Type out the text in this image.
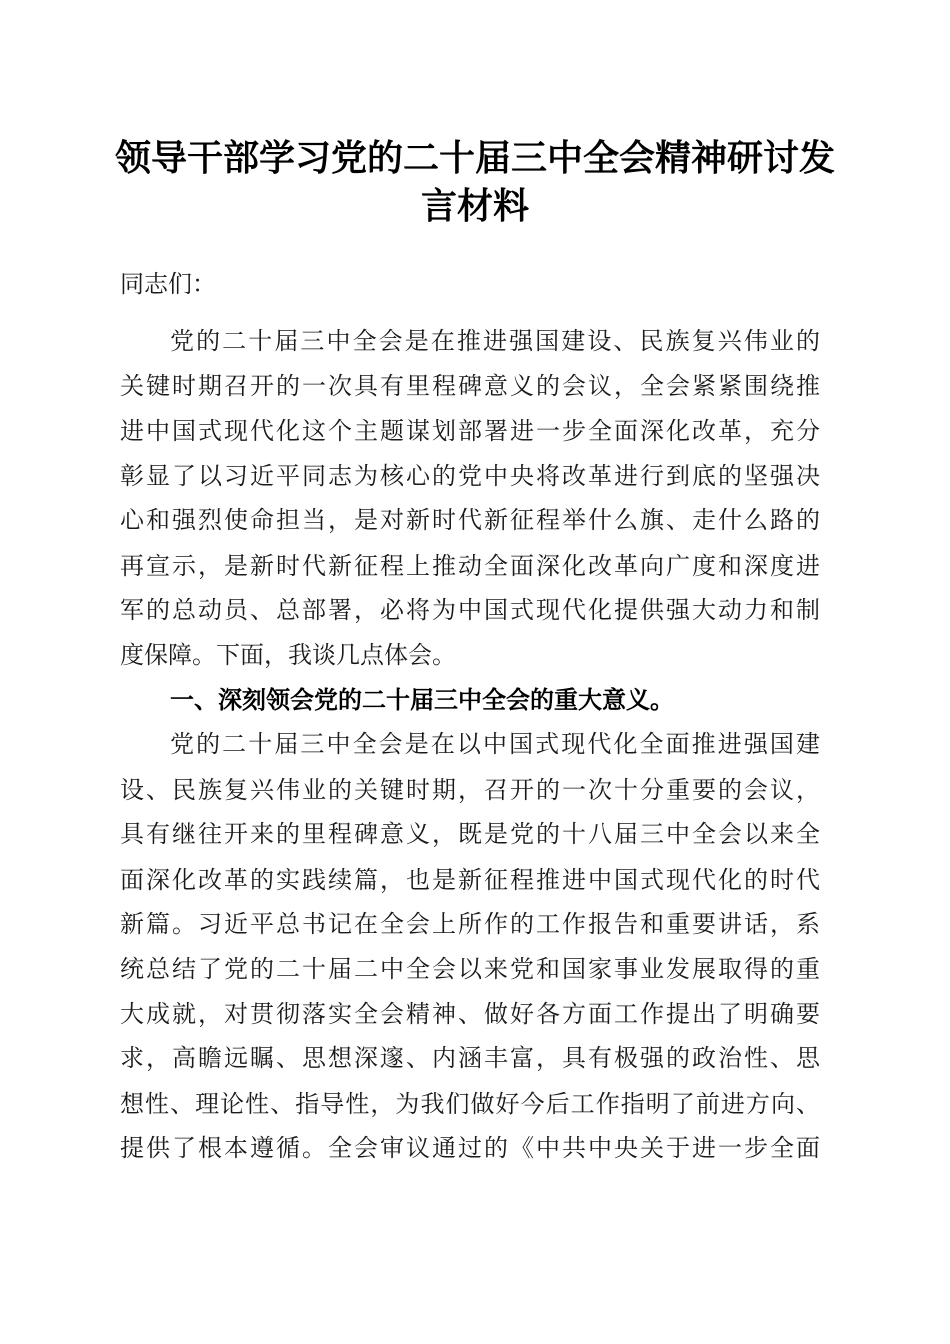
领导干部学习党的二十届三中全会精神研讨发
言材料
同志们：
党的二十届三中全会是在推进强国建设、民族复兴伟业的
关键时期召开的一次具有里程碑意义的会议，全会紧紧围绕推
进中国式现代化这个主题谋划部署进一步全面深化改革，充分
彰显了以习近平同志为核心的党中央将改革进行到底的坚强决
心和强烈使命担当，是对新时代新征程举什么旗、走什么路的
再宣示，是新时代新征程上推动全面深化改革向广度和深度进
军的总动员、总部署，必将为中国式现代化提供强大动力和制
度保障。下面，我谈几点体会。
一、深刻领会党的二十届三中全会的重大意义。
党的二十届三中全会是在以中国式现代化全面推进强国建
设、民族复兴伟业的关键时期，召开的一次十分重要的会议，
具有继往开来的里程碑意义，既是党的十八届三中全会以来全
面深化改革的实践续篇，也是新征程推进中国式现代化的时代
新篇。习近平总书记在全会上所作的工作报告和重要讲话，系
统总结了党的二十届二中全会以来党和国家事业发展取得的重
大成就，对贯彻落实全会精神、做好各方面工作提出了明确要
求，高瞻远瞩、思想深邃、内涵丰富，具有极强的政治性、思
想性、理论性、指导性，为我们做好今后工作指明了前进方向、
提供了根本遵循。全会审议通过的《中共中央关于进一步全面
